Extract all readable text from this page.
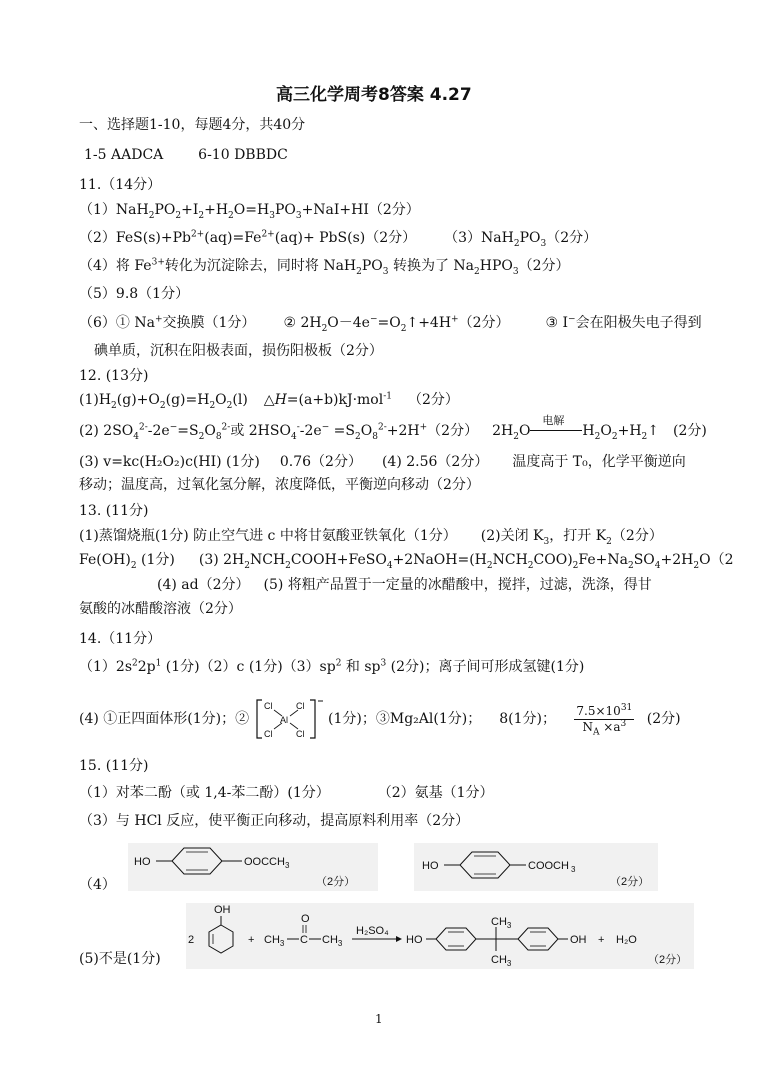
高三化学周考8答案 4.27
一、选择题1-10，每题4分，共40分
1-5 AADCA 6-10 DBBDC
11.（14分）
$(1)NaH_2PO_2+I_2+H_2O=H_3PO_3+NaI+HI(2$分）
$(2)FeS(s)+Pb^{2+}(aq)=Fe^{2+}(aq)+ PbS(s)(2$分） $(3)NaH_2PO_3(2$分）
（4）将 $Fe^{3+}$转化为沉淀除去，同时将 $NaH_2PO_3$ 转换为了 $Na_2HPO_3(2$分）
（5）9.8（1分）
（6）① Na+交换膜（1分） ② $2H_2O-4e^-=O_2↑+4H^+(2$分）	③ I−会在阳极失电子得到
碘单质，沉积在阳极表面，损伤阳极板（2分）
12. (13分)
$(1)H_2(g)+O_2(g)=H_2O_2(l)$ △H=(a+b)kJ·mol$^{-1}$ （2分）
(2) $2SO_4^{2-}-2e^-=S_2O_8^{2-}$或 $2HSO_4^--2e^- =S_2O_8^{2-}+2H^+(2$分） $2H_2O$
电解
$H_2O_2+H_2↑$ (2分)
(3) v=kc(H₂O₂)c(HI) (1分) 0.76（2分） (4) 2.56（2分） 温度高于 T₀，化学平衡逆向
移动；温度高，过氧化氢分解，浓度降低，平衡逆向移动（2分）
13. (11分)
(1)蒸馏烧瓶(1分) 防止空气进 c 中将甘氨酸亚铁氧化（1分） (2)关闭 $K_3$，打开 $K_2(2$分）
$Fe(OH)_2$ (1分) (3) $2H_2NCH_2COOH+FeSO_4+2NaOH=(H_2NCH_2COO)_2Fe+Na_2SO_4+2H_2O(2$
(4) ad（2分） (5) 将粗产品置于一定量的冰醋酸中，搅拌，过滤，洗涤，得甘
氨酸的冰醋酸溶液（2分）
14.（11分）
$(1)2s^22p^1$ (1分)（2）c (1分)$(3)sp^2$ 和 $sp^3$ (2分)；离子间可形成氢键(1分)
(4) ①正四面体形(1分)；②
Cl	Cl
Al
Cl	Cl
(1分)；③Mg₂Al(1分)； 8(1分)； $\frac{7.5\times 10^{31}}{N_A \times a^3} (2$分)
15. (11分)
（1）对苯二酚（或 1,4-苯二酚）(1分）	（2）氨基（1分）
（3）与 HCl 反应，使平衡正向移动，提高原料利用率（2分）
（4）
HO	OOCCH 3
（2分）
HO	COOCH 3
（2分）
(5)不是(1分)
2
OH
+ $CH_3$ C
O
$CH_3$
H₂SO₄
HO
$CH_3$
$CH_3$
OH + H₂O
（2分）
1
